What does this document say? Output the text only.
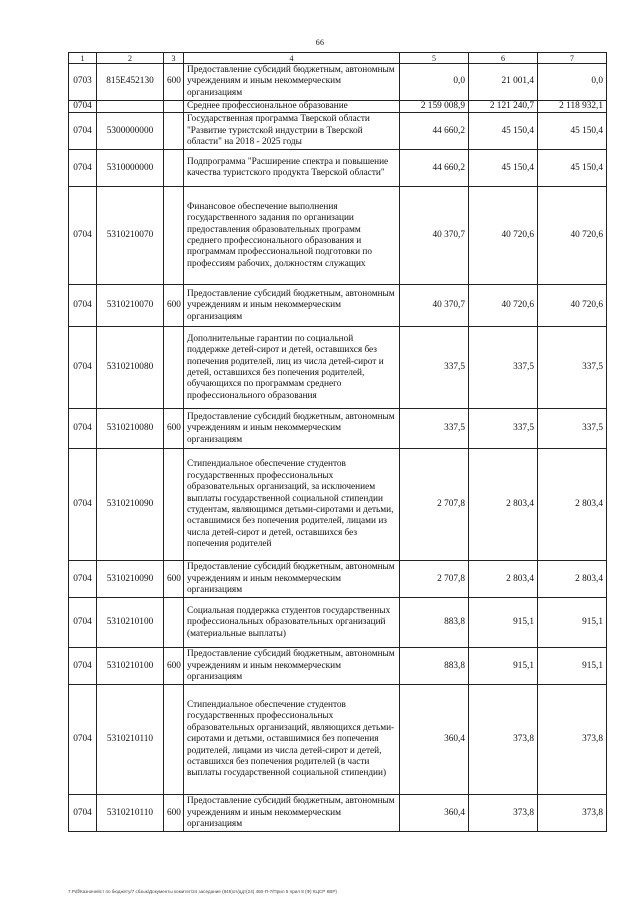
66
1	2	3	4	5	6	7
0703	815E452130	600	Предоставление субсидий бюджетным, автономным учреждениям и иным некоммерческим организациям	0,0	21 001,4	0,0
0704			Среднее профессиональное образование	2 159 008,9	2 121 240,7	2 118 932,1
0704	5300000000		Государственная программа Тверской области "Развитие туристской индустрии в Тверской области" на 2018 - 2025 годы	44 660,2	45 150,4	45 150,4
0704	5310000000		Подпрограмма "Расширение спектра и повышение качества туристского продукта Тверской области"	44 660,2	45 150,4	45 150,4
0704	5310210070		Финансовое обеспечение выполнения государственного задания по организации предоставления образовательных программ среднего профессионального образования и программам профессиональной подготовки по профессиям рабочих, должностям служащих	40 370,7	40 720,6	40 720,6
0704	5310210070	600	Предоставление субсидий бюджетным, автономным учреждениям и иным некоммерческим организациям	40 370,7	40 720,6	40 720,6
0704	5310210080		Дополнительные гарантии по социальной поддержке детей-сирот и детей, оставшихся без попечения родителей, лиц из числа детей-сирот и детей, оставшихся без попечения родителей, обучающихся по программам среднего профессионального образования	337,5	337,5	337,5
0704	5310210080	600	Предоставление субсидий бюджетным, автономным учреждениям и иным некоммерческим организациям	337,5	337,5	337,5
0704	5310210090		Стипендиальное обеспечение студентов государственных профессиональных образовательных организаций, за исключением выплаты государственной социальной стипендии студентам, являющимся детьми-сиротами и детьми, оставшимися без попечения родителей, лицами из числа детей-сирот и детей, оставшихся без попечения родителей	2 707,8	2 803,4	2 803,4
0704	5310210090	600	Предоставление субсидий бюджетным, автономным учреждениям и иным некоммерческим организациям	2 707,8	2 803,4	2 803,4
0704	5310210100		Социальная поддержка студентов государственных профессиональных образовательных организаций (материальные выплаты)	883,8	915,1	915,1
0704	5310210100	600	Предоставление субсидий бюджетным, автономным учреждениям и иным некоммерческим организациям	883,8	915,1	915,1
0704	5310210110		Стипендиальное обеспечение студентов государственных профессиональных образовательных организаций, являющихся детьми-сиротами и детьми, оставшимися без попечения родителей, лицами из числа детей-сирот и детей, оставшихся без попечения родителей (в части выплаты государственной социальной стипендии)	360,4	373,8	373,8
0704	5310210110	600	Предоставление субсидий бюджетным, автономным учреждениям и иным некоммерческим организациям	360,4	373,8	373,8
7.Pdf/Казначейст по бюджету/7 сбзык/Документы комитет/24 заседание (945)от/ддт(24) 460-П-7/Прил 5 прил 8 (Ф) КЦСР КВР)
